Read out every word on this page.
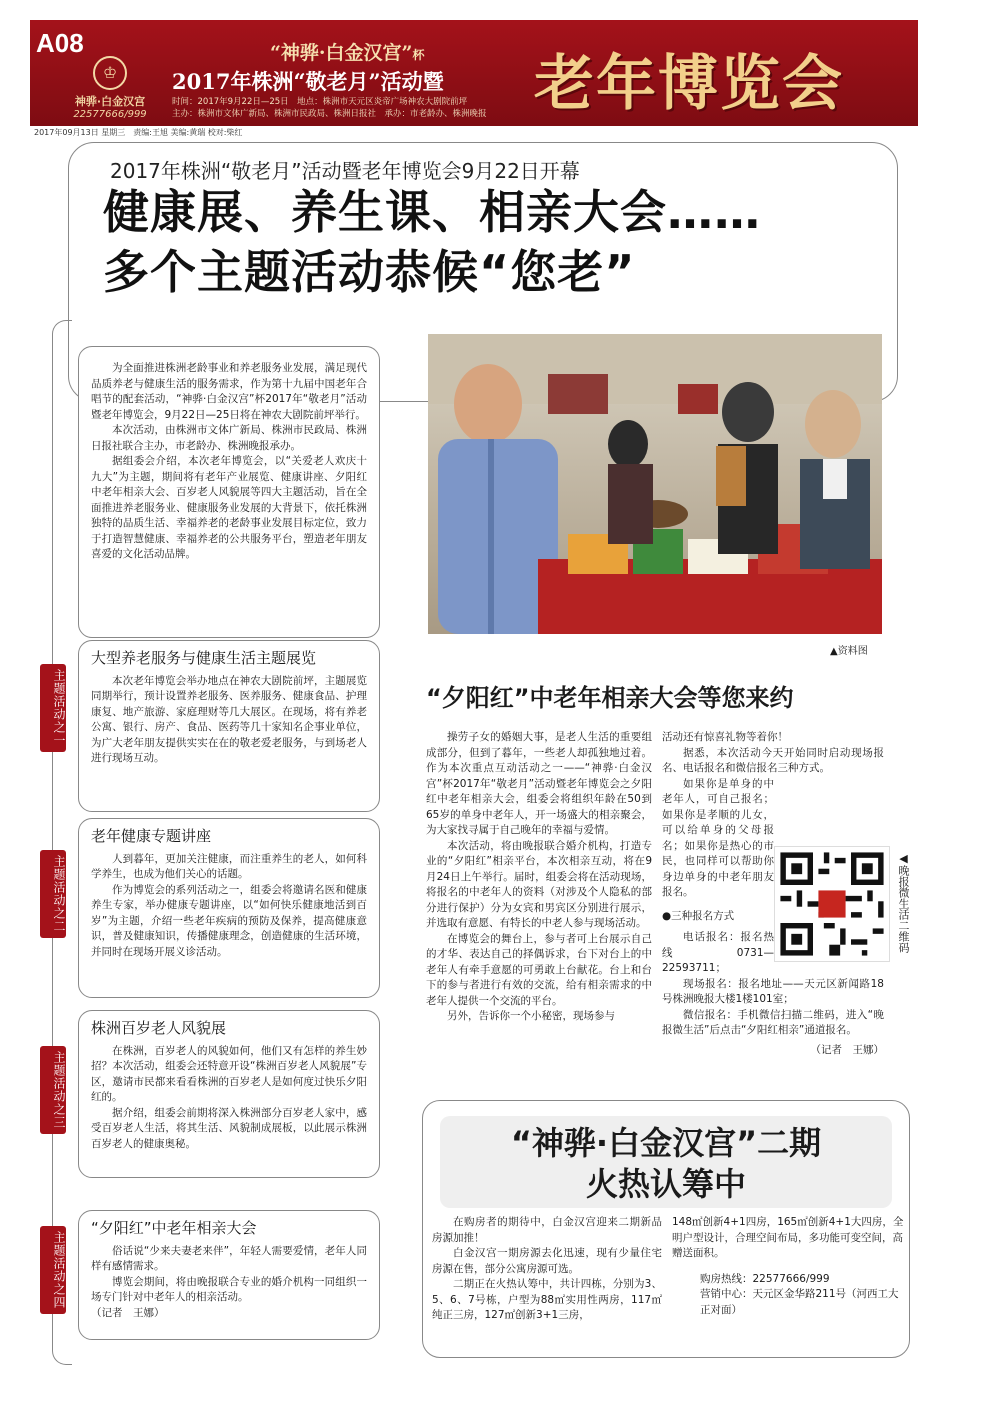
A08
♔
神骅·白金汉宫
22577666/999
“神骅·白金汉宫”杯
2017年株洲“敬老月”活动暨
时间：2017年9月22日—25日　地点：株洲市天元区炎帝广场神农大剧院前坪
主办：株洲市文体广新局、株洲市民政局、株洲日报社　承办：市老龄办、株洲晚报 老年博览会
2017年09月13日 星期三　责编:王旭 美编:黄瑞 校对:柴红
2017年株洲“敬老月”活动暨老年博览会9月22日开幕
健康展、养生课、相亲大会……
多个主题活动恭候“您老”
主题活动之一
主题活动之二
主题活动之三
主题活动之四

为全面推进株洲老龄事业和养老服务业发展，满足现代品质养老与健康生活的服务需求，作为第十九届中国老年合唱节的配套活动，“神骅·白金汉宫”杯2017年“敬老月”活动暨老年博览会，9月22日—25日将在神农大剧院前坪举行。

本次活动，由株洲市文体广新局、株洲市民政局、株洲日报社联合主办，市老龄办、株洲晚报承办。

据组委会介绍，本次老年博览会，以“关爱老人欢庆十九大”为主题，期间将有老年产业展览、健康讲座、夕阳红中老年相亲大会、百岁老人风貌展等四大主题活动，旨在全面推进养老服务业、健康服务业发展的大背景下，依托株洲独特的品质生活、幸福养老的老龄事业发展目标定位，致力于打造智慧健康、幸福养老的公共服务平台，塑造老年朋友喜爱的文化活动品牌。

大型养老服务与健康生活主题展览

本次老年博览会举办地点在神农大剧院前坪，主题展览同期举行，预计设置养老服务、医养服务、健康食品、护理康复、地产旅游、家庭理财等几大展区。在现场，将有养老公寓、银行、房产、食品、医药等几十家知名企事业单位，为广大老年朋友提供实实在在的敬老爱老服务，与到场老人进行现场互动。

老年健康专题讲座

人到暮年，更加关注健康，而注重养生的老人，如何科学养生，也成为他们关心的话题。

作为博览会的系列活动之一，组委会将邀请名医和健康养生专家，举办健康专题讲座，以“如何快乐健康地活到百岁”为主题，介绍一些老年疾病的预防及保养，提高健康意识，普及健康知识，传播健康理念，创造健康的生活环境，并同时在现场开展义诊活动。

株洲百岁老人风貌展

在株洲，百岁老人的风貌如何，他们又有怎样的养生妙招？本次活动，组委会还特意开设“株洲百岁老人风貌展”专区，邀请市民都来看看株洲的百岁老人是如何度过快乐夕阳红的。

据介绍，组委会前期将深入株洲部分百岁老人家中，感受百岁老人生活，将其生活、风貌制成展板，以此展示株洲百岁老人的健康奥秘。

“夕阳红”中老年相亲大会

俗话说“少来夫妻老来伴”，年轻人需要爱情，老年人同样有感情需求。

博览会期间，将由晚报联合专业的婚介机构一同组织一场专门针对中老年人的相亲活动。

（记者　王娜）

▲资料图
“夕阳红”中老年相亲大会等您来约

操劳子女的婚姻大事，是老人生活的重要组成部分，但到了暮年，一些老人却孤独地过着。作为本次重点互动活动之一——“神骅·白金汉宫”杯2017年“敬老月”活动暨老年博览会之夕阳红中老年相亲大会，组委会将组织年龄在50到65岁的单身中老年人，开一场盛大的相亲聚会，为大家找寻属于自己晚年的幸福与爱情。

本次活动，将由晚报联合婚介机构，打造专业的“夕阳红”相亲平台，本次相亲互动，将在9月24日上午举行。届时，组委会将在活动现场，将报名的中老年人的资料（对涉及个人隐私的部分进行保护）分为女宾和男宾区分别进行展示，并选取有意愿、有特长的中老人参与现场活动。

在博览会的舞台上，参与者可上台展示自己的才华、表达自己的择偶诉求，台下对台上的中老年人有牵手意愿的可勇敢上台献花。台上和台下的参与者进行有效的交流，给有相亲需求的中老年人提供一个交流的平台。

另外，告诉你一个小秘密，现场参与

活动还有惊喜礼物等着你！

据悉，本次活动今天开始同时启动现场报名、电话报名和微信报名三种方式。

如果你是单身的中老年人，可自己报名；如果你是孝顺的儿女，可以给单身的父母报名；如果你是热心的市民，也同样可以帮助你身边单身的中老年朋友报名。

●三种报名方式

电话报名：报名热线 0731—22593711；

现场报名：报名地址——天元区新闻路18号株洲晚报大楼1楼101室；

微信报名：手机微信扫描二维码，进入“晚报微生活”后点击“夕阳红相亲”通道报名。

（记者　王娜）
◀晚报微生活二维码
“神骅·白金汉宫”二期
火热认筹中

在购房者的期待中，白金汉宫迎来二期新品房源加推！

白金汉宫一期房源去化迅速，现有少量住宅房源在售，部分公寓房源可选。

二期正在火热认筹中，共计四栋，分别为3、5、6、7号栋，户型为88㎡实用性两房，117㎡纯正三房，127㎡创新3+1三房，

148㎡创新4+1四房，165㎡创新4+1大四房，全明户型设计，合理空间布局，多功能可变空间，高赠送面积。
购房热线：22577666/999
营销中心：天元区金华路211号（河西工大正对面）
